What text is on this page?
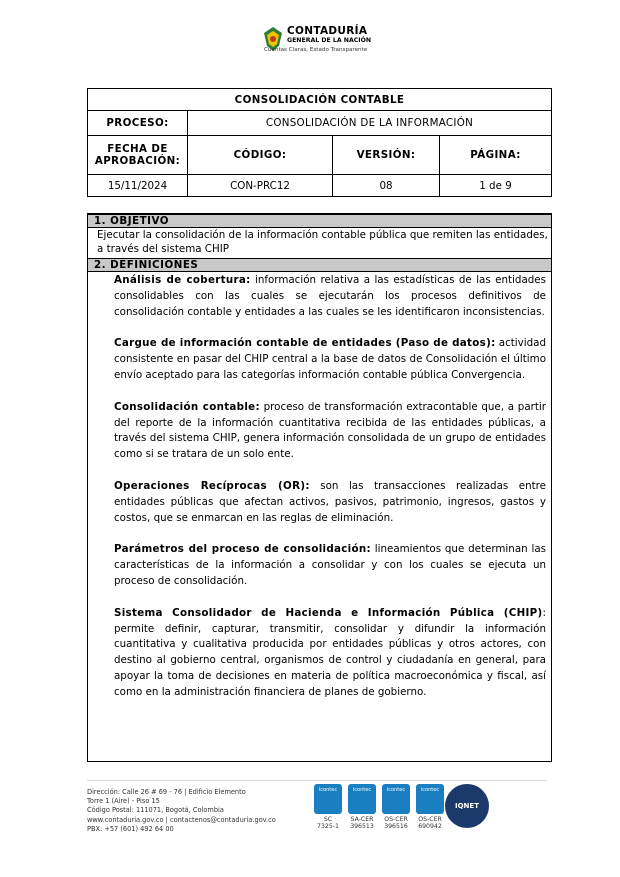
CONTADURÍA
GENERAL DE LA NACIÓN
Cuentas Claras, Estado Transparente
CONSOLIDACIÓN CONTABLE			
PROCESO:	CONSOLIDACIÓN DE LA INFORMACIÓN		
FECHA DE APROBACIÓN:	CÓDIGO:	VERSIÓN:	PÁGINA:
15/11/2024	CON-PRC12	08	1 de 9
1. OBJETIVO
Ejecutar la consolidación de la información contable pública que remiten las entidades, a través del sistema CHIP
2. DEFINICIONES

Análisis de cobertura: información relativa a las estadísticas de las entidades consolidables con las cuales se ejecutarán los procesos definitivos de consolidación contable y entidades a las cuales se les identificaron inconsistencias.

Cargue de información contable de entidades (Paso de datos): actividad consistente en pasar del CHIP central a la base de datos de Consolidación el último envío aceptado para las categorías información contable pública Convergencia.

Consolidación contable: proceso de transformación extracontable que, a partir del reporte de la información cuantitativa recibida de las entidades públicas, a través del sistema CHIP, genera información consolidada de un grupo de entidades como si se tratara de un solo ente.

Operaciones Recíprocas (OR): son las transacciones realizadas entre entidades públicas que afectan activos, pasivos, patrimonio, ingresos, gastos y costos, que se enmarcan en las reglas de eliminación.

Parámetros del proceso de consolidación: lineamientos que determinan las características de la información a consolidar y con los cuales se ejecuta un proceso de consolidación.

Sistema Consolidador de Hacienda e Información Pública (CHIP): permite definir, capturar, transmitir, consolidar y difundir la información cuantitativa y cualitativa producida por entidades públicas y otros actores, con destino al gobierno central, organismos de control y ciudadanía en general, para apoyar la toma de decisiones en materia de política macroeconómica y fiscal, así como en la administración financiera de planes de gobierno.

Dirección: Calle 26 # 69 - 76 | Edificio Elemento
Torre 1 (Aire) - Piso 15
Código Postal: 111071, Bogotá, Colombia
www.contaduria.gov.co | contactenos@contaduria.gov.co
PBX: +57 (601) 492 64 00
icontec
SC
7325-1
icontec
SA-CER
396513
icontec
OS-CER
396516
icontec
OS-CER
690942
IQNET
